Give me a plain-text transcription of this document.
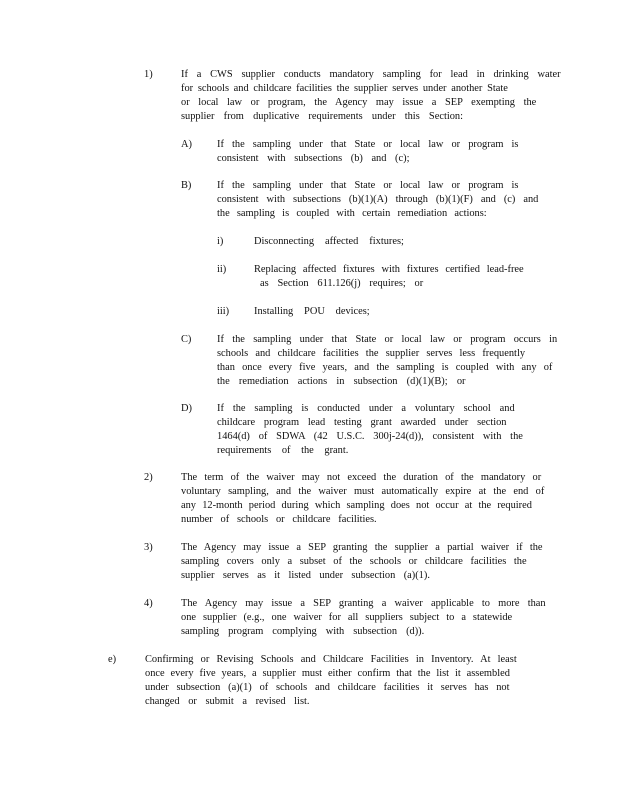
1)	If a CWS supplier conducts mandatory sampling for lead in drinking water
for schools and childcare facilities the supplier serves under another State
or local law or program, the Agency may issue a SEP exempting the
supplier from duplicative requirements under this Section:
A) If the sampling under that State or local law or program is
consistent with subsections (b) and (c);
B) If the sampling under that State or local law or program is
consistent with subsections (b)(1)(A) through (b)(1)(F) and (c) and
the sampling is coupled with certain remediation actions:
i)	Disconnecting affected fixtures;
ii)	Replacing affected fixtures with fixtures certified lead-free
as Section 611.126(j) requires; or
iii) Installing POU devices;
C) If the sampling under that State or local law or program occurs in
schools and childcare facilities the supplier serves less frequently
than once every five years, and the sampling is coupled with any of
the remediation actions in subsection (d)(1)(B); or
D) If the sampling is conducted under a voluntary school and
childcare program lead testing grant awarded under section
1464(d) of SDWA (42 U.S.C. 300j-24(d)), consistent with the
requirements of the grant.
2)	The term of the waiver may not exceed the duration of the mandatory or
voluntary sampling, and the waiver must automatically expire at the end of
any 12-month period during which sampling does not occur at the required
number of schools or childcare facilities.
3)	The Agency may issue a SEP granting the supplier a partial waiver if the
sampling covers only a subset of the schools or childcare facilities the
supplier serves as it listed under subsection (a)(1).
4)	The Agency may issue a SEP granting a waiver applicable to more than
one supplier (e.g., one waiver for all suppliers subject to a statewide
sampling program complying with subsection (d)).
e)	Confirming or Revising Schools and Childcare Facilities in Inventory. At least
once every five years, a supplier must either confirm that the list it assembled
under subsection (a)(1) of schools and childcare facilities it serves has not
changed or submit a revised list.
